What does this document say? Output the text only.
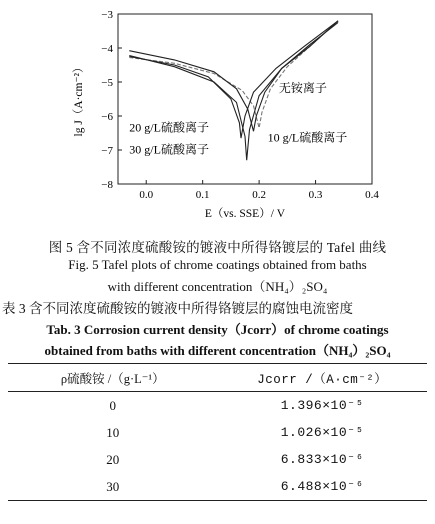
0.0	0.1	0.2	0.3	0.4
−3
−4
−5
−6
−7
−8
E（vs. SSE）/ V
lg J（A·cm⁻²）	无铵离子
20 g/L硫酸离子
10 g/L硫酸离子
30 g/L硫酸离子
图 5 含不同浓度硫酸铵的镀液中所得铬镀层的 Tafel 曲线
Fig. 5 Tafel plots of chrome coatings obtained from baths
with different concentration（NH₄）₂SO₄
表 3 含不同浓度硫酸铵的镀液中所得铬镀层的腐蚀电流密度
Tab. 3 Corrosion current density（Jcorr）of chrome coatings
obtained from baths with different concentration（NH₄）₂SO₄
ρ硫酸铵 /（g·L⁻¹）	Jcorr /（A·cm⁻²）
0	1.396×10⁻⁵
10	1.026×10⁻⁵
20	6.833×10⁻⁶
30	6.488×10⁻⁶
